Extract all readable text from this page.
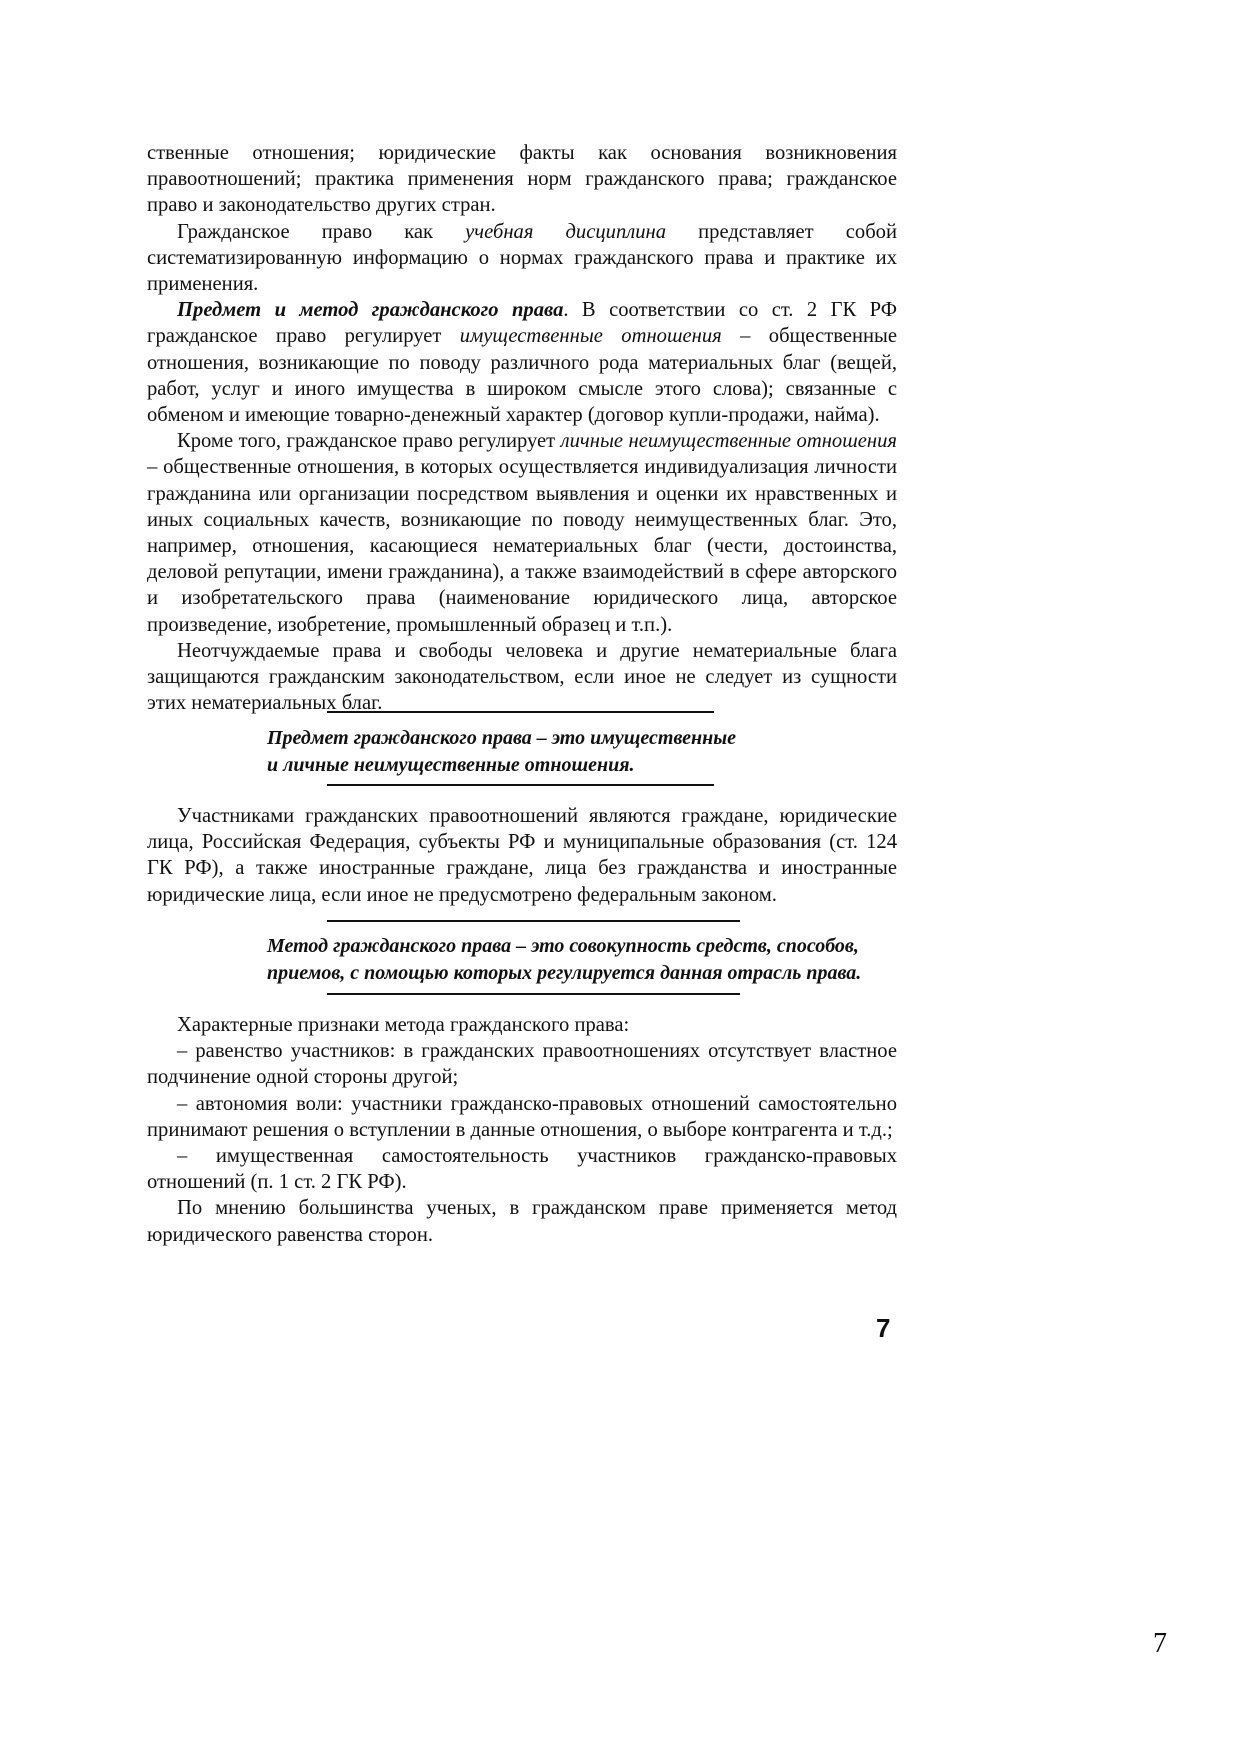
ственные отношения; юридические факты как основания возникновения правоотношений; практика применения норм гражданского права; гражданское право и законодательство других стран.

Гражданское право как учебная дисциплина представляет собой систематизированную информацию о нормах гражданского права и практике их применения.

Предмет и метод гражданского права. В соответствии со ст. 2 ГК РФ гражданское право регулирует имущественные отношения – общественные отношения, возникающие по поводу различного рода материальных благ (вещей, работ, услуг и иного имущества в широком смысле этого слова); связанные с обменом и имеющие товарно-денежный характер (договор купли-продажи, найма).

Кроме того, гражданское право регулирует личные неимущественные отношения – общественные отношения, в которых осуществляется индивидуализация личности гражданина или организации посредством выявления и оценки их нравственных и иных социальных качеств, возникающие по поводу неимущественных благ. Это, например, отношения, касающиеся нематериальных благ (чести, достоинства, деловой репутации, имени гражданина), а также взаимодействий в сфере авторского и изобретательского права (наименование юридического лица, авторское произведение, изобретение, промышленный образец и т.п.).

Неотчуждаемые права и свободы человека и другие нематериальные блага защищаются гражданским законодательством, если иное не следует из сущности этих нематериальных благ.

Предмет гражданского права – это имущественные

и личные неимущественные отношения.

Участниками гражданских правоотношений являются граждане, юридические лица, Российская Федерация, субъекты РФ и муниципальные образования (ст. 124 ГК РФ), а также иностранные граждане, лица без гражданства и иностранные юридические лица, если иное не предусмотрено федеральным законом.

Метод гражданского права – это совокупность средств, способов,

приемов, с помощью которых регулируется данная отрасль права.

Характерные признаки метода гражданского права:

– равенство участников: в гражданских правоотношениях отсутствует властное подчинение одной стороны другой;

– автономия воли: участники гражданско-правовых отношений самостоятельно принимают решения о вступлении в данные отношения, о выборе контрагента и т.д.;

– имущественная самостоятельность участников гражданско-правовых отношений (п. 1 ст. 2 ГК РФ).

По мнению большинства ученых, в гражданском праве применяется метод юридического равенства сторон.

7
7
